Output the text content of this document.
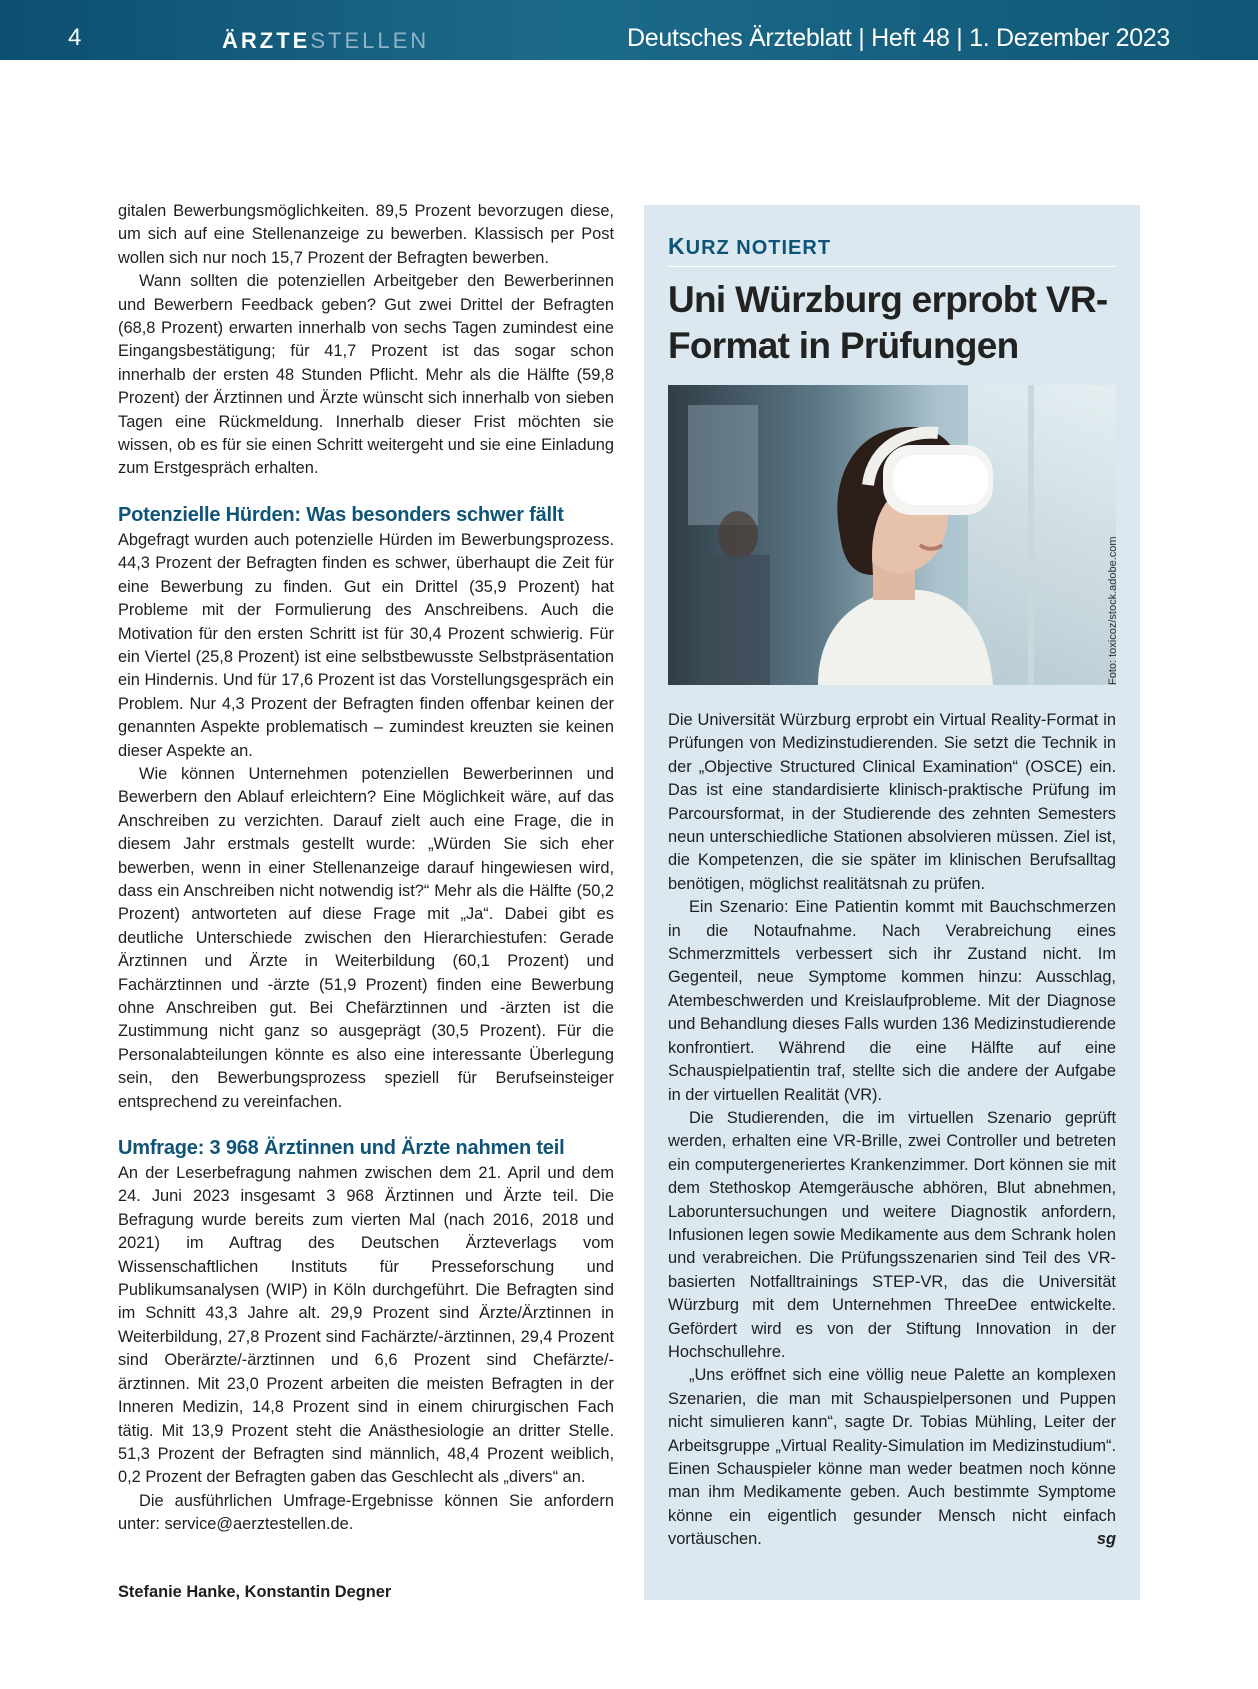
4	ÄRZTESTELLEN	Deutsches Ärzteblatt | Heft 48 | 1. Dezember 2023

gitalen Bewerbungsmöglichkeiten. 89,5 Prozent bevorzugen diese, um sich auf eine Stellenanzeige zu bewerben. Klassisch per Post wollen sich nur noch 15,7 Prozent der Befragten bewerben.

Wann sollten die potenziellen Arbeitgeber den Bewerberinnen und Bewerbern Feedback geben? Gut zwei Drittel der Befragten (68,8 Prozent) erwarten innerhalb von sechs Tagen zumindest eine Eingangsbestätigung; für 41,7 Prozent ist das sogar schon innerhalb der ersten 48 Stunden Pflicht. Mehr als die Hälfte (59,8 Prozent) der Ärztinnen und Ärzte wünscht sich innerhalb von sieben Tagen eine Rückmeldung. Innerhalb dieser Frist möchten sie wissen, ob es für sie einen Schritt weitergeht und sie eine Einladung zum Erstgespräch erhalten.

Potenzielle Hürden: Was besonders schwer fällt

Abgefragt wurden auch potenzielle Hürden im Bewerbungsprozess. 44,3 Prozent der Befragten finden es schwer, überhaupt die Zeit für eine Bewerbung zu finden. Gut ein Drittel (35,9 Prozent) hat Probleme mit der Formulierung des Anschreibens. Auch die Motivation für den ersten Schritt ist für 30,4 Prozent schwierig. Für ein Viertel (25,8 Prozent) ist eine selbstbewusste Selbstpräsentation ein Hindernis. Und für 17,6 Prozent ist das Vorstellungsgespräch ein Problem. Nur 4,3 Prozent der Befragten finden offenbar keinen der genannten Aspekte problematisch – zumindest kreuzten sie keinen dieser Aspekte an.

Wie können Unternehmen potenziellen Bewerberinnen und Bewerbern den Ablauf erleichtern? Eine Möglichkeit wäre, auf das Anschreiben zu verzichten. Darauf zielt auch eine Frage, die in diesem Jahr erstmals gestellt wurde: „Würden Sie sich eher bewerben, wenn in einer Stellenanzeige darauf hingewiesen wird, dass ein Anschreiben nicht notwendig ist?“ Mehr als die Hälfte (50,2 Prozent) antworteten auf diese Frage mit „Ja“. Dabei gibt es deutliche Unterschiede zwischen den Hierarchiestufen: Gerade Ärztinnen und Ärzte in Weiterbildung (60,1 Prozent) und Fachärztinnen und -ärzte (51,9 Prozent) finden eine Bewerbung ohne Anschreiben gut. Bei Chefärztinnen und -ärzten ist die Zustimmung nicht ganz so ausgeprägt (30,5 Prozent). Für die Personalabteilungen könnte es also eine interessante Überlegung sein, den Bewerbungsprozess speziell für Berufseinsteiger entsprechend zu vereinfachen.

Umfrage: 3 968 Ärztinnen und Ärzte nahmen teil

An der Leserbefragung nahmen zwischen dem 21. April und dem 24. Juni 2023 insgesamt 3 968 Ärztinnen und Ärzte teil. Die Befragung wurde bereits zum vierten Mal (nach 2016, 2018 und 2021) im Auftrag des Deutschen Ärzteverlags vom Wissenschaftlichen Instituts für Presseforschung und Publikumsanalysen (WIP) in Köln durchgeführt. Die Befragten sind im Schnitt 43,3 Jahre alt. 29,9 Prozent sind Ärzte/Ärztinnen in Weiterbildung, 27,8 Prozent sind Fachärzte/-ärztinnen, 29,4 Prozent sind Oberärzte/-ärztinnen und 6,6 Prozent sind Chefärzte/-ärztinnen. Mit 23,0 Prozent arbeiten die meisten Befragten in der Inneren Medizin, 14,8 Prozent sind in einem chirurgischen Fach tätig. Mit 13,9 Prozent steht die Anästhesiologie an dritter Stelle. 51,3 Prozent der Befragten sind männlich, 48,4 Prozent weiblich, 0,2 Prozent der Befragten gaben das Geschlecht als „divers“ an.

Die ausführlichen Umfrage-Ergebnisse können Sie anfordern unter: service@aerztestellen.de.

Stefanie Hanke, Konstantin Degner
KURZ NOTIERT
Uni Würzburg erprobt VR-Format in Prüfungen
Foto: toxicoz/stock.adobe.com

Die Universität Würzburg erprobt ein Virtual Reality-Format in Prüfungen von Medizinstudierenden. Sie setzt die Technik in der „Objective Structured Clinical Examination“ (OSCE) ein. Das ist eine standardisierte klinisch-praktische Prüfung im Parcoursformat, in der Studierende des zehnten Semesters neun unterschiedliche Stationen absolvieren müssen. Ziel ist, die Kompetenzen, die sie später im klinischen Berufsalltag benötigen, möglichst realitätsnah zu prüfen.

Ein Szenario: Eine Patientin kommt mit Bauchschmerzen in die Notaufnahme. Nach Verabreichung eines Schmerzmittels verbessert sich ihr Zustand nicht. Im Gegenteil, neue Symptome kommen hinzu: Ausschlag, Atembeschwerden und Kreislaufprobleme. Mit der Diagnose und Behandlung dieses Falls wurden 136 Medizinstudierende konfrontiert. Während die eine Hälfte auf eine Schauspielpatientin traf, stellte sich die andere der Aufgabe in der virtuellen Realität (VR).

Die Studierenden, die im virtuellen Szenario geprüft werden, erhalten eine VR-Brille, zwei Controller und betreten ein computergeneriertes Krankenzimmer. Dort können sie mit dem Stethoskop Atemgeräusche abhören, Blut abnehmen, Laboruntersuchungen und weitere Diagnostik anfordern, Infusionen legen sowie Medikamente aus dem Schrank holen und verabreichen. Die Prüfungsszenarien sind Teil des VR-basierten Notfalltrainings STEP-VR, das die Universität Würzburg mit dem Unternehmen ThreeDee entwickelte. Gefördert wird es von der Stiftung Innovation in der Hochschullehre.

„Uns eröffnet sich eine völlig neue Palette an komplexen Szenarien, die man mit Schauspielpersonen und Puppen nicht simulieren kann“, sagte Dr. Tobias Mühling, Leiter der Arbeitsgruppe „Virtual Reality-Simulation im Medizinstudium“. Einen Schauspieler könne man weder beatmen noch könne man ihm Medikamente geben. Auch bestimmte Symptome könne ein eigentlich gesunder Mensch nicht einfach vortäuschen.	sg
